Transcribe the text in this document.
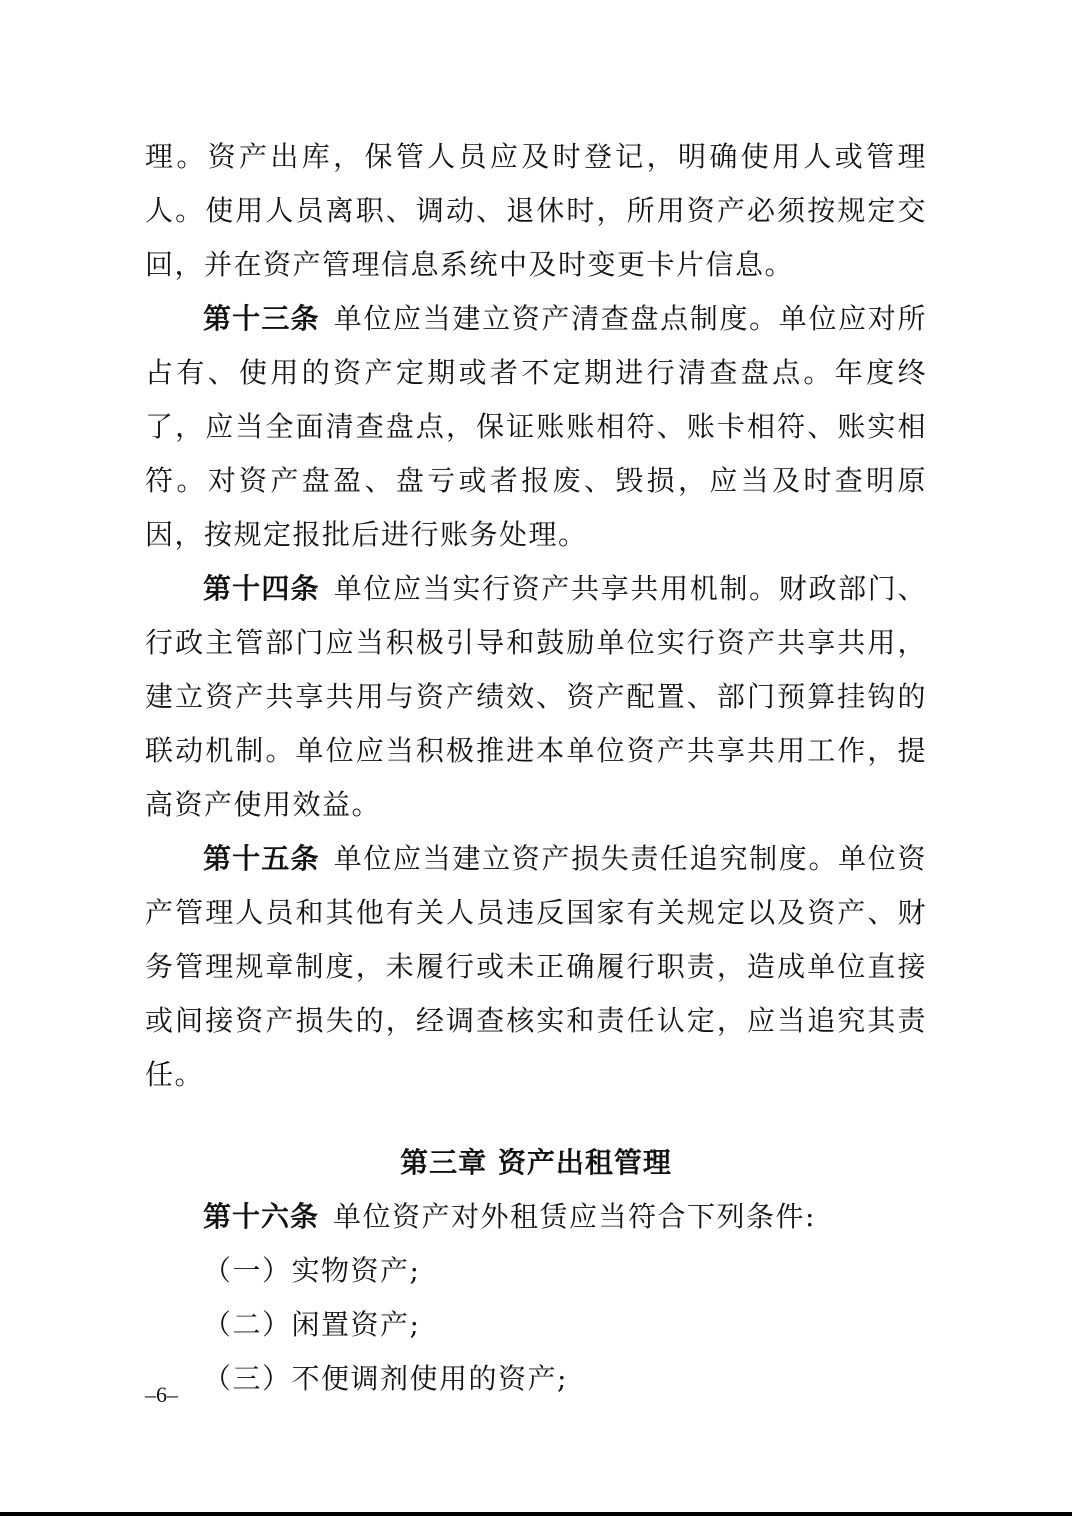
理。资产出库，保管人员应及时登记，明确使用人或管理人。使用人员离职、调动、退休时，所用资产必须按规定交回，并在资产管理信息系统中及时变更卡片信息。

第十三条 单位应当建立资产清查盘点制度。单位应对所占有、使用的资产定期或者不定期进行清查盘点。年度终了，应当全面清查盘点，保证账账相符、账卡相符、账实相符。对资产盘盈、盘亏或者报废、毁损，应当及时查明原因，按规定报批后进行账务处理。

第十四条 单位应当实行资产共享共用机制。财政部门、行政主管部门应当积极引导和鼓励单位实行资产共享共用，建立资产共享共用与资产绩效、资产配置、部门预算挂钩的联动机制。单位应当积极推进本单位资产共享共用工作，提高资产使用效益。

第十五条 单位应当建立资产损失责任追究制度。单位资产管理人员和其他有关人员违反国家有关规定以及资产、财务管理规章制度，未履行或未正确履行职责，造成单位直接或间接资产损失的，经调查核实和责任认定，应当追究其责任。

第三章 资产出租管理

第十六条 单位资产对外租赁应当符合下列条件:

（一）实物资产;

（二）闲置资产;

（三）不便调剂使用的资产;

–6–
